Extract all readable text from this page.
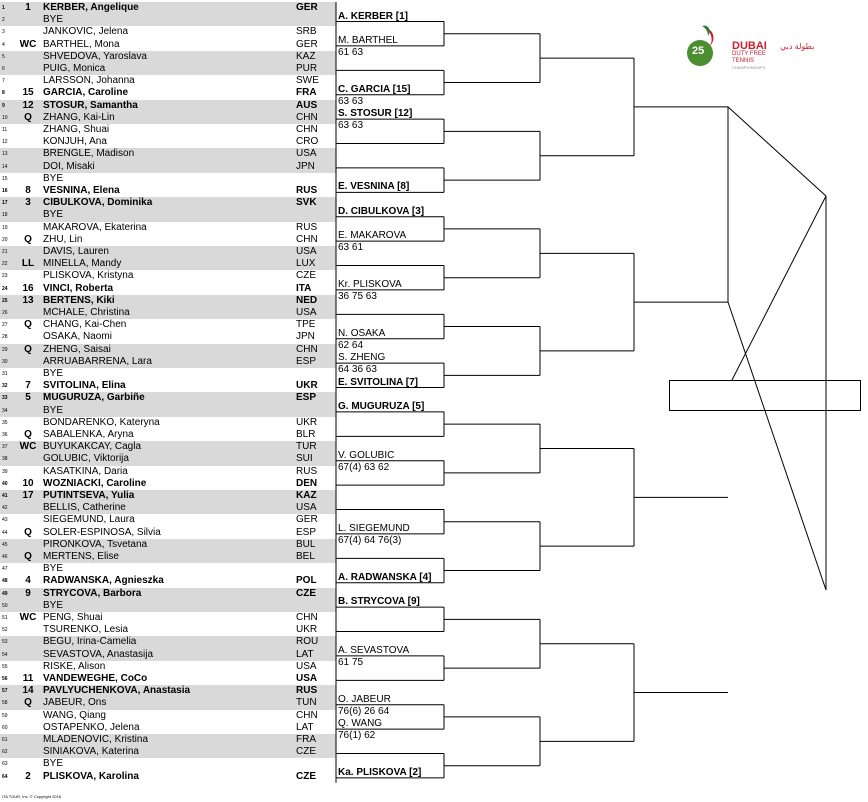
1	1	KERBER, Angelique	GER
2	BYE
3	JANKOVIC, Jelena	SRB
4	WC BARTHEL, Mona	GER
5	SHVEDOVA, Yaroslava	KAZ
6	PUIG, Monica	PUR
7	LARSSON, Johanna	SWE
8	15 GARCIA, Caroline	FRA
9	12 STOSUR, Samantha	AUS
10	Q	ZHANG, Kai-Lin	CHN
11	ZHANG, Shuai	CHN
12	KONJUH, Ana	CRO
13	BRENGLE, Madison	USA
14	DOI, Misaki	JPN
15	BYE
16	8	VESNINA, Elena	RUS
17	3	CIBULKOVA, Dominika	SVK
18	BYE
19	MAKAROVA, Ekaterina	RUS
20	Q	ZHU, Lin	CHN
21	DAVIS, Lauren	USA
22	LL MINELLA, Mandy	LUX
23	PLISKOVA, Kristyna	CZE
24	16 VINCI, Roberta	ITA
25	13 BERTENS, Kiki	NED
26	MCHALE, Christina	USA
27	Q	CHANG, Kai-Chen	TPE
28	OSAKA, Naomi	JPN
29	Q	ZHENG, Saisai	CHN
30	ARRUABARRENA, Lara	ESP
31	BYE
32	7	SVITOLINA, Elina	UKR
33	5	MUGURUZA, Garbiñe	ESP
34	BYE
35	BONDARENKO, Kateryna	UKR
36	Q	SABALENKA, Aryna	BLR
37	WC BUYUKAKCAY, Cagla	TUR
38	GOLUBIC, Viktorija	SUI
39	KASATKINA, Daria	RUS
40	10 WOZNIACKI, Caroline	DEN
41	17 PUTINTSEVA, Yulia	KAZ
42	BELLIS, Catherine	USA
43	SIEGEMUND, Laura	GER
44	Q	SOLER-ESPINOSA, Silvia	ESP
45	PIRONKOVA, Tsvetana	BUL
46	Q	MERTENS, Elise	BEL
47	BYE
48	4	RADWANSKA, Agnieszka	POL
49	9	STRYCOVA, Barbora	CZE
50	BYE
51	WC PENG, Shuai	CHN
52	TSURENKO, Lesia	UKR
53	BEGU, Irina-Camelia	ROU
54	SEVASTOVA, Anastasija	LAT
55	RISKE, Alison	USA
56	11 VANDEWEGHE, CoCo	USA
57	14 PAVLYUCHENKOVA, Anastasia	RUS
58	Q	JABEUR, Ons	TUN
59	WANG, Qiang	CHN
60	OSTAPENKO, Jelena	LAT
61	MLADENOVIC, Kristina	FRA
62	SINIAKOVA, Katerina	CZE
63	BYE
64	2	PLISKOVA, Karolina	CZE
25	DUBAI
DUTY FREE
TENNIS
CHAMPIONSHIPS
بطولة دبي
ITA TOUR, Inc. © Copyright 2016
A. KERBER [1]
M. BARTHEL
61 63
C. GARCIA [15]
63 63
S. STOSUR [12]
63 63
E. VESNINA [8]
D. CIBULKOVA [3]
E. MAKAROVA
63 61
Kr. PLISKOVA
36 75 63
N. OSAKA
62 64
S. ZHENG
64 36 63
E. SVITOLINA [7]
G. MUGURUZA [5]
V. GOLUBIC
67(4) 63 62
L. SIEGEMUND
67(4) 64 76(3)
A. RADWANSKA [4]
B. STRYCOVA [9]
A. SEVASTOVA
61 75
O. JABEUR
76(6) 26 64
Q. WANG
76(1) 62
Ka. PLISKOVA [2]
